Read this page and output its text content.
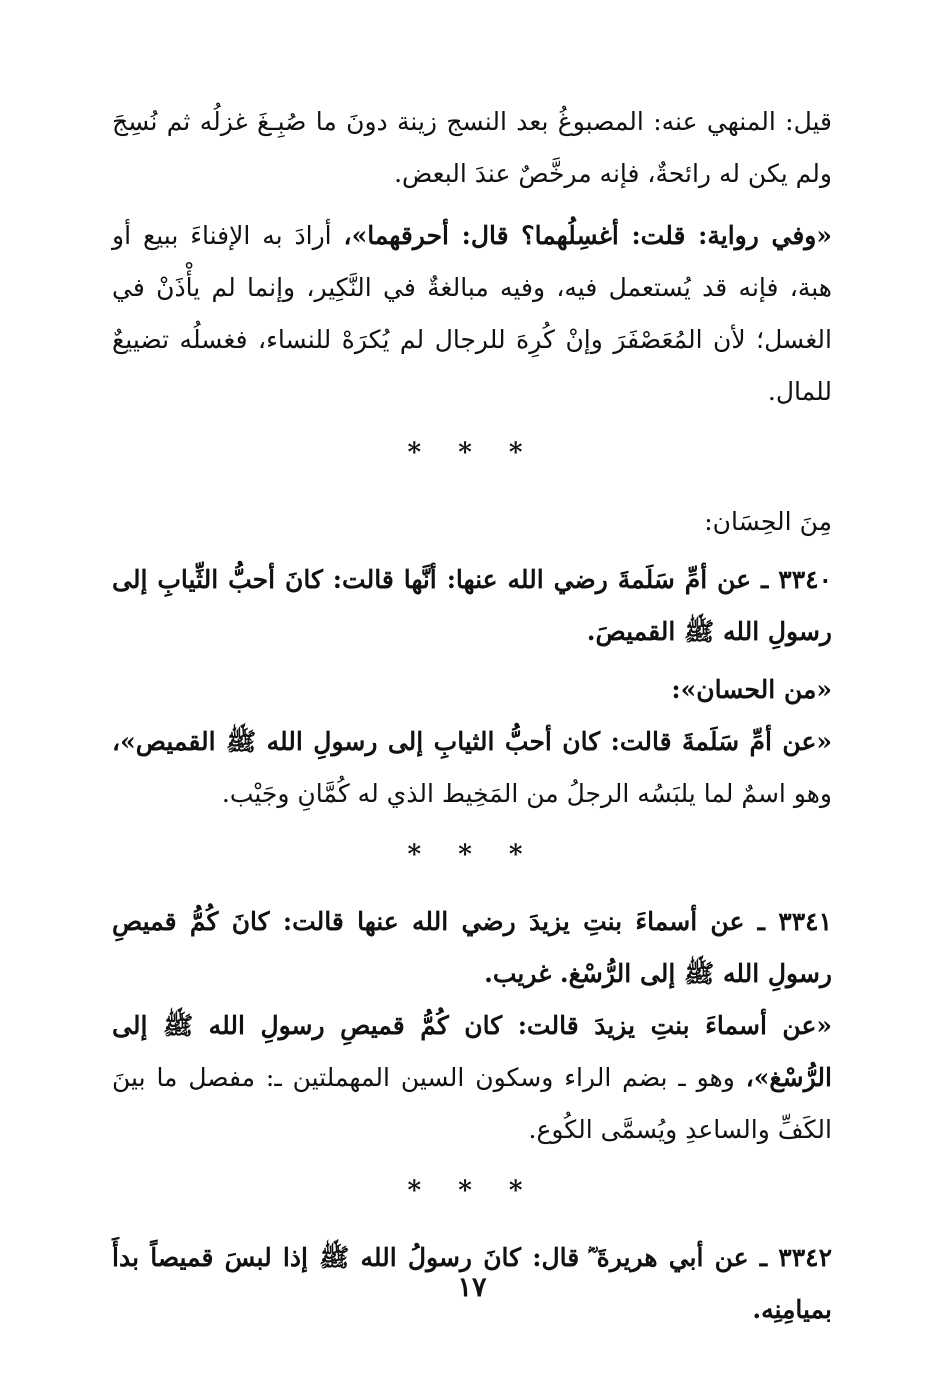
قيل: المنهي عنه: المصبوغُ بعد النسج زينة دونَ ما صُبِـغَ غزلُه ثم نُسِجَ ولم يكن له رائحةٌ، فإنه مرخَّصٌ عندَ البعض.

«وفي رواية: قلت: أغسِلُهما؟ قال: أحرقهما»، أرادَ به الإفناءَ ببيع أو هبة، فإنه قد يُستعمل فيه، وفيه مبالغةٌ في النَّكِير، وإنما لم يأْذَنْ في الغسل؛ لأن المُعَصْفَرَ وإنْ كُرِهَ للرجال لم يُكرَهْ للنساء، فغسلُه تضييعٌ للمال.

* * *

مِنَ الحِسَان:

٣٣٤٠ ـ عن أمِّ سَلَمةَ رضي الله عنها: أنَّها قالت: كانَ أحبُّ الثِّيابِ إلى رسولِ الله ﷺ القميصَ.

«من الحسان»:

«عن أمِّ سَلَمةَ قالت: كان أحبُّ الثيابِ إلى رسولِ الله ﷺ القميص»، وهو اسمٌ لما يلبَسُه الرجلُ من المَخِيط الذي له كُمَّانِ وجَيْب.

* * *

٣٣٤١ ـ عن أسماءَ بنتِ يزيدَ رضي الله عنها قالت: كانَ كُمُّ قميصِ رسولِ الله ﷺ إلى الرُّسْغ. غريب.

«عن أسماءَ بنتِ يزيدَ قالت: كان كُمُّ قميصِ رسولِ الله ﷺ إلى الرُّسْغ»، وهو ـ بضم الراء وسكون السين المهملتين ـ: مفصل ما بينَ الكَفِّ والساعدِ ويُسمَّى الكُوع.

* * *

٣٣٤٢ ـ عن أبي هريرةَ ؓ قال: كانَ رسولُ الله ﷺ إذا لبسَ قميصاً بدأَ بميامِنِه.

١٧
